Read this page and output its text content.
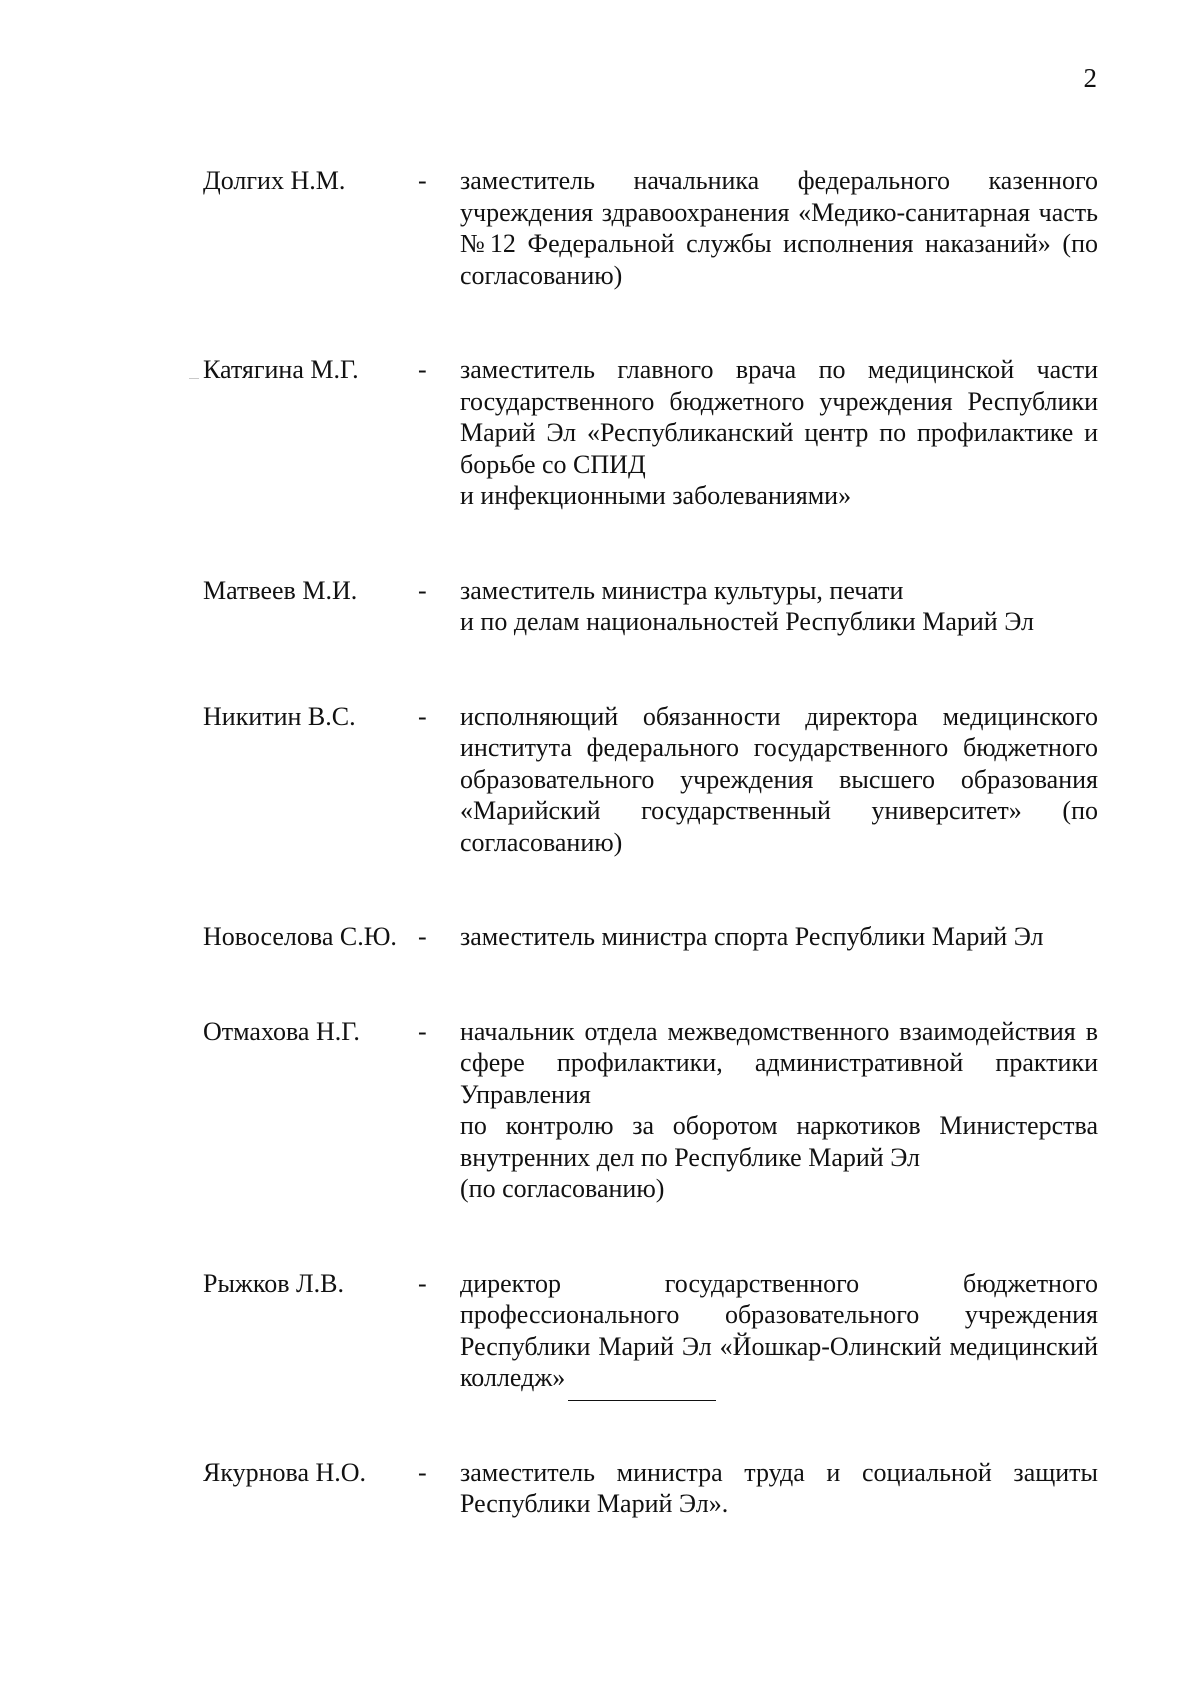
2
Долгих Н.М.	-	заместитель начальника федерального казенного учреждения здравоохранения «Медико-санитарная часть №12 Федеральной службы исполнения наказаний» (по согласованию)
Катягина М.Г.	-	заместитель главного врача по медицинской части государственного бюджетного учреждения Республики Марий Эл «Республиканский центр по профилактике и борьбе со СПИД
и инфекционными заболеваниями»
Матвеев М.И.	-	заместитель министра культуры, печати
и по делам национальностей Республики Марий Эл
Никитин В.С.	-	исполняющий обязанности директора медицинского института федерального государственного бюджетного образовательного учреждения высшего образования «Марийский государственный университет» (по согласованию)
Новоселова С.Ю. -	заместитель министра спорта Республики Марий Эл
Отмахова Н.Г.	-	начальник отдела межведомственного взаимодействия в сфере профилактики, административной практики Управления
по контролю за оборотом наркотиков Министерства внутренних дел по Республике Марий Эл
(по согласованию)
Рыжков Л.В.	-	директор государственного бюджетного профессионального образовательного учреждения Республики Марий Эл «Йошкар-Олинский медицинский колледж»
Якурнова Н.О.	-	заместитель министра труда и социальной защиты Республики Марий Эл».
